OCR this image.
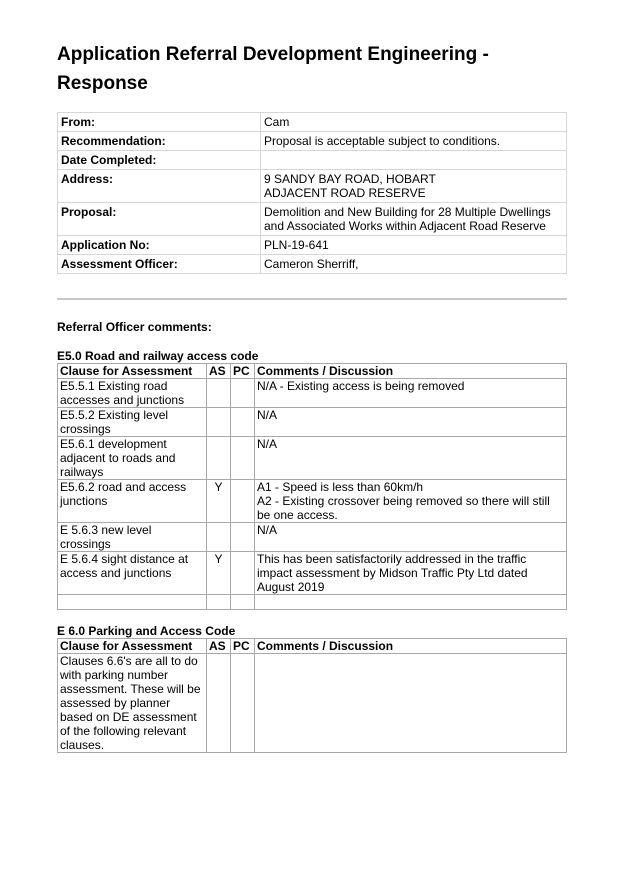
Application Referral Development Engineering - Response
From:	Cam
Recommendation:	Proposal is acceptable subject to conditions.
Date Completed:	
Address:	9 SANDY BAY ROAD, HOBART
ADJACENT ROAD RESERVE
Proposal:	Demolition and New Building for 28 Multiple Dwellings and Associated Works within Adjacent Road Reserve
Application No:	PLN-19-641
Assessment Officer:	Cameron Sherriff,
Referral Officer comments:
E5.0 Road and railway access code
Clause for Assessment	AS	PC	Comments / Discussion
E5.5.1 Existing road accesses and junctions			N/A - Existing access is being removed
E5.5.2 Existing level crossings			N/A
E5.6.1 development adjacent to roads and railways			N/A
E5.6.2 road and access junctions	Y		A1 - Speed is less than 60km/h
A2 - Existing crossover being removed so there will still be one access.
E 5.6.3 new level crossings			N/A
E 5.6.4 sight distance at access and junctions	Y		This has been satisfactorily addressed in the traffic impact assessment by Midson Traffic Pty Ltd dated August 2019

E 6.0 Parking and Access Code
Clause for Assessment	AS	PC	Comments / Discussion
Clauses 6.6's are all to do with parking number assessment. These will be assessed by planner based on DE assessment of the following relevant clauses.			
